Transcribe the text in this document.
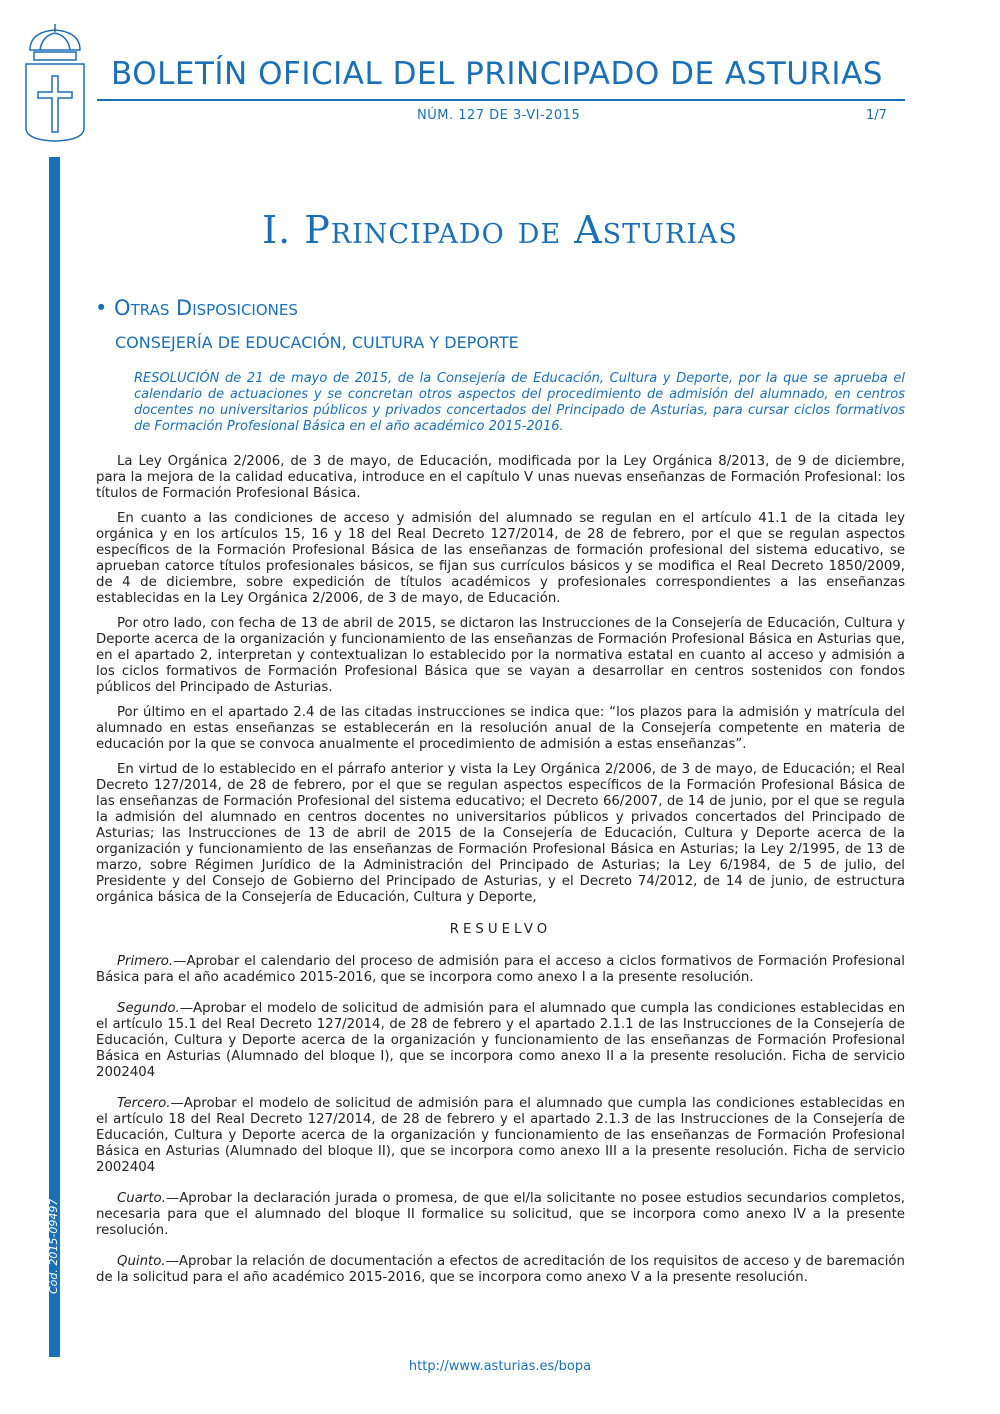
BOLETÍN OFICIAL DEL PRINCIPADO DE ASTURIAS
NÚM. 127 DE 3-VI-2015	1/7
Cód. 2015-09497
I. Principado de Asturias
• Otras Disposiciones
CONSEJERÍA DE EDUCACIÓN, CULTURA Y DEPORTE
RESOLUCIÓN de 21 de mayo de 2015, de la Consejería de Educación, Cultura y Deporte, por la que se aprueba el calendario de actuaciones y se concretan otros aspectos del procedimiento de admisión del alumnado, en centros docentes no universitarios públicos y privados concertados del Principado de Asturias, para cursar ciclos formativos de Formación Profesional Básica en el año académico 2015-2016.

La Ley Orgánica 2/2006, de 3 de mayo, de Educación, modificada por la Ley Orgánica 8/2013, de 9 de diciembre, para la mejora de la calidad educativa, introduce en el capítulo V unas nuevas enseñanzas de Formación Profesional: los títulos de Formación Profesional Básica.

En cuanto a las condiciones de acceso y admisión del alumnado se regulan en el artículo 41.1 de la citada ley orgánica y en los artículos 15, 16 y 18 del Real Decreto 127/2014, de 28 de febrero, por el que se regulan aspectos específicos de la Formación Profesional Básica de las enseñanzas de formación profesional del sistema educativo, se aprueban catorce títulos profesionales básicos, se fijan sus currículos básicos y se modifica el Real Decreto 1850/2009, de 4 de diciembre, sobre expedición de títulos académicos y profesionales correspondientes a las enseñanzas establecidas en la Ley Orgánica 2/2006, de 3 de mayo, de Educación.

Por otro lado, con fecha de 13 de abril de 2015, se dictaron las Instrucciones de la Consejería de Educación, Cultura y Deporte acerca de la organización y funcionamiento de las enseñanzas de Formación Profesional Básica en Asturias que, en el apartado 2, interpretan y contextualizan lo establecido por la normativa estatal en cuanto al acceso y admisión a los ciclos formativos de Formación Profesional Básica que se vayan a desarrollar en centros sostenidos con fondos públicos del Principado de Asturias.

Por último en el apartado 2.4 de las citadas instrucciones se indica que: “los plazos para la admisión y matrícula del alumnado en estas enseñanzas se establecerán en la resolución anual de la Consejería competente en materia de educación por la que se convoca anualmente el procedimiento de admisión a estas enseñanzas”.

En virtud de lo establecido en el párrafo anterior y vista la Ley Orgánica 2/2006, de 3 de mayo, de Educación; el Real Decreto 127/2014, de 28 de febrero, por el que se regulan aspectos específicos de la Formación Profesional Básica de las enseñanzas de Formación Profesional del sistema educativo; el Decreto 66/2007, de 14 de junio, por el que se regula la admisión del alumnado en centros docentes no universitarios públicos y privados concertados del Principado de Asturias; las Instrucciones de 13 de abril de 2015 de la Consejería de Educación, Cultura y Deporte acerca de la organización y funcionamiento de las enseñanzas de Formación Profesional Básica en Asturias; la Ley 2/1995, de 13 de marzo, sobre Régimen Jurídico de la Administración del Principado de Asturias; la Ley 6/1984, de 5 de julio, del Presidente y del Consejo de Gobierno del Principado de Asturias, y el Decreto 74/2012, de 14 de junio, de estructura orgánica básica de la Consejería de Educación, Cultura y Deporte,

RESUELVO

Primero.—Aprobar el calendario del proceso de admisión para el acceso a ciclos formativos de Formación Profesional Básica para el año académico 2015-2016, que se incorpora como anexo I a la presente resolución.

Segundo.—Aprobar el modelo de solicitud de admisión para el alumnado que cumpla las condiciones establecidas en el artículo 15.1 del Real Decreto 127/2014, de 28 de febrero y el apartado 2.1.1 de las Instrucciones de la Consejería de Educación, Cultura y Deporte acerca de la organización y funcionamiento de las enseñanzas de Formación Profesional Básica en Asturias (Alumnado del bloque I), que se incorpora como anexo II a la presente resolución. Ficha de servicio 2002404

Tercero.—Aprobar el modelo de solicitud de admisión para el alumnado que cumpla las condiciones establecidas en el artículo 18 del Real Decreto 127/2014, de 28 de febrero y el apartado 2.1.3 de las Instrucciones de la Consejería de Educación, Cultura y Deporte acerca de la organización y funcionamiento de las enseñanzas de Formación Profesional Básica en Asturias (Alumnado del bloque II), que se incorpora como anexo III a la presente resolución. Ficha de servicio 2002404

Cuarto.—Aprobar la declaración jurada o promesa, de que el/la solicitante no posee estudios secundarios completos, necesaria para que el alumnado del bloque II formalice su solicitud, que se incorpora como anexo IV a la presente resolución.

Quinto.—Aprobar la relación de documentación a efectos de acreditación de los requisitos de acceso y de baremación de la solicitud para el año académico 2015-2016, que se incorpora como anexo V a la presente resolución.

http://www.asturias.es/bopa
